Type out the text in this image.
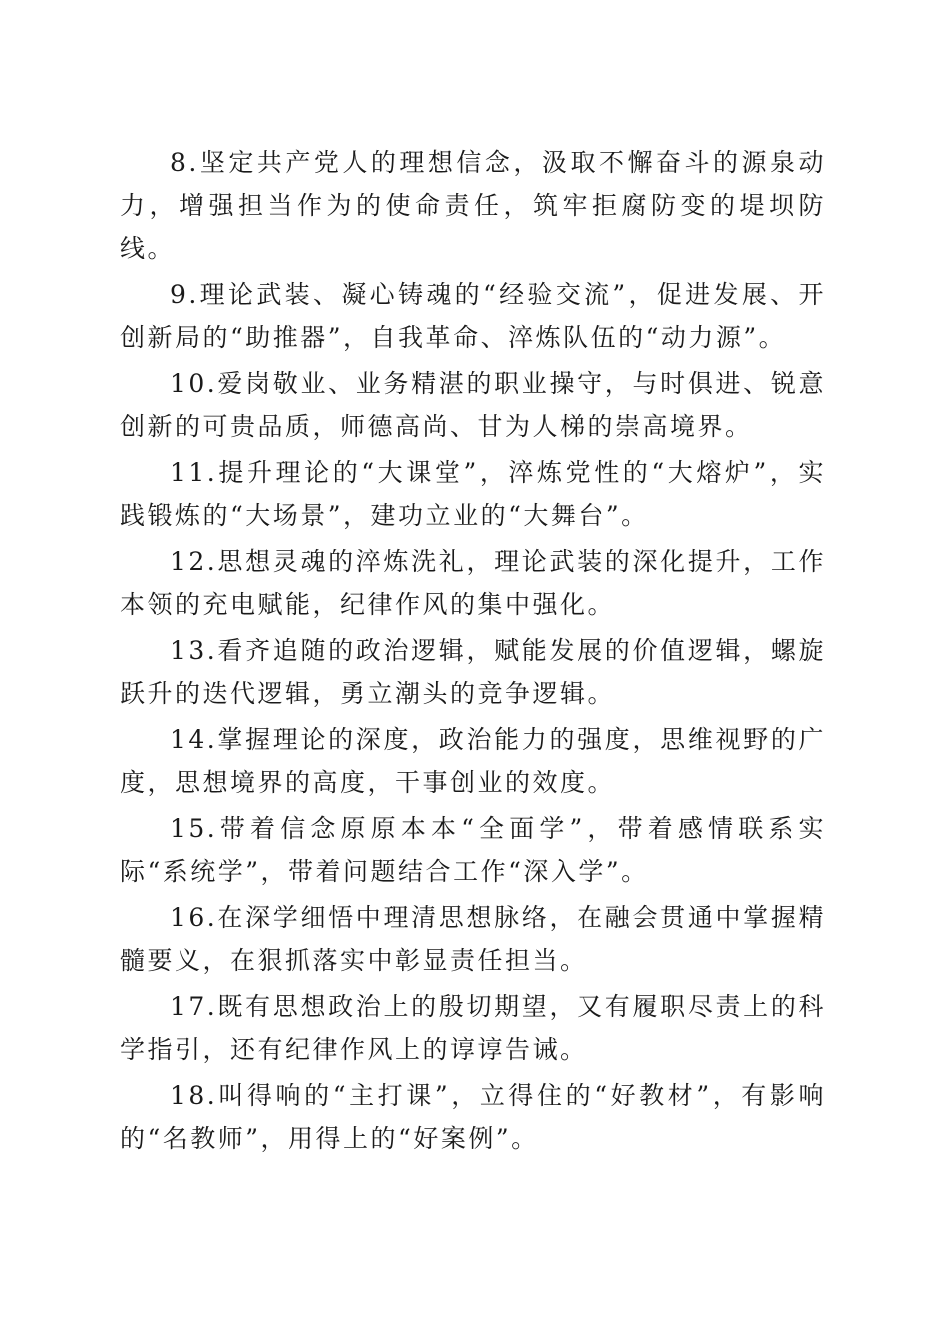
8.坚定共产党人的理想信念，汲取不懈奋斗的源泉动力，增强担当作为的使命责任，筑牢拒腐防变的堤坝防线。

9.理论武装、凝心铸魂的“经验交流”，促进发展、开创新局的“助推器”，自我革命、淬炼队伍的“动力源”。

10.爱岗敬业、业务精湛的职业操守，与时俱进、锐意创新的可贵品质，师德高尚、甘为人梯的崇高境界。

11.提升理论的“大课堂”，淬炼党性的“大熔炉”，实践锻炼的“大场景”，建功立业的“大舞台”。

12.思想灵魂的淬炼洗礼，理论武装的深化提升，工作本领的充电赋能，纪律作风的集中强化。

13.看齐追随的政治逻辑，赋能发展的价值逻辑，螺旋跃升的迭代逻辑，勇立潮头的竞争逻辑。

14.掌握理论的深度，政治能力的强度，思维视野的广度，思想境界的高度，干事创业的效度。

15.带着信念原原本本“全面学”，带着感情联系实际“系统学”，带着问题结合工作“深入学”。

16.在深学细悟中理清思想脉络，在融会贯通中掌握精髓要义，在狠抓落实中彰显责任担当。

17.既有思想政治上的殷切期望，又有履职尽责上的科学指引，还有纪律作风上的谆谆告诫。

18.叫得响的“主打课”，立得住的“好教材”，有影响的“名教师”，用得上的“好案例”。
